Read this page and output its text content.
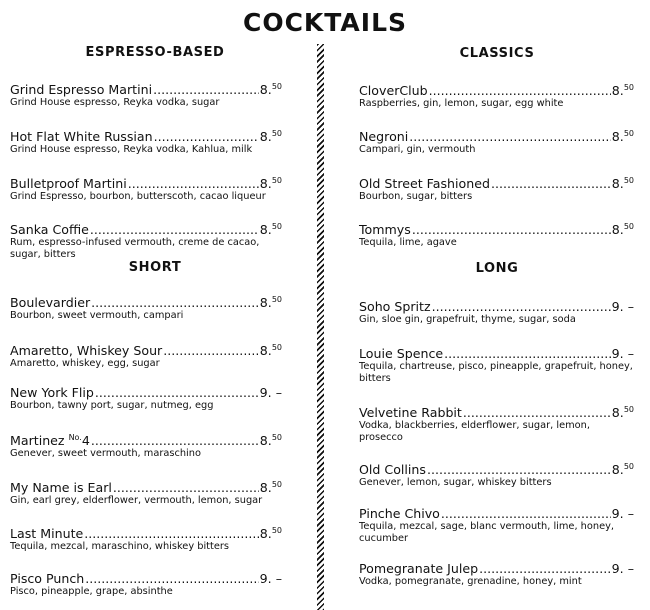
COCKTAILS
ESPRESSO-BASED
SHORT
CLASSICS
LONG
Grind Espresso Martini .....	8.50
Grind House espresso, Reyka vodka, sugar
Hot Flat White Russian .....	8.50
Grind House espresso, Reyka vodka, Kahlua, milk
Bulletproof Martini .....	8.50
Grind Espresso, bourbon, butterscoth, cacao liqueur
Sanka Coffie .....	8.50
Rum, espresso-infused vermouth, creme de cacao, sugar, bitters
Boulevardier .....	8.50
Bourbon, sweet vermouth, campari
Amaretto, Whiskey Sour .....	8.50
Amaretto, whiskey, egg, sugar
New York Flip .....	9. –
Bourbon, tawny port, sugar, nutmeg, egg
Martinez $^{No.}$4 .....	8.50
Genever, sweet vermouth, maraschino
My Name is Earl .....	8.50
Gin, earl grey, elderflower, vermouth, lemon, sugar
Last Minute .....	8.50
Tequila, mezcal, maraschino, whiskey bitters
Pisco Punch .....	9. –
Pisco, pineapple, grape, absinthe
CloverClub .....	8.50
Raspberries, gin, lemon, sugar, egg white
Negroni .....	8.50
Campari, gin, vermouth
Old Street Fashioned .....	8.50
Bourbon, sugar, bitters
Tommys .....	8.50
Tequila, lime, agave
Soho Spritz .....	9. –
Gin, sloe gin, grapefruit, thyme, sugar, soda
Louie Spence .....	9. –
Tequila, chartreuse, pisco, pineapple, grapefruit, honey, bitters
Velvetine Rabbit .....	8.50
Vodka, blackberries, elderflower, sugar, lemon, prosecco
Old Collins .....	8.50
Genever, lemon, sugar, whiskey bitters
Pinche Chivo .....	9. –
Tequila, mezcal, sage, blanc vermouth, lime, honey, cucumber
Pomegranate Julep .....	9. –
Vodka, pomegranate, grenadine, honey, mint
